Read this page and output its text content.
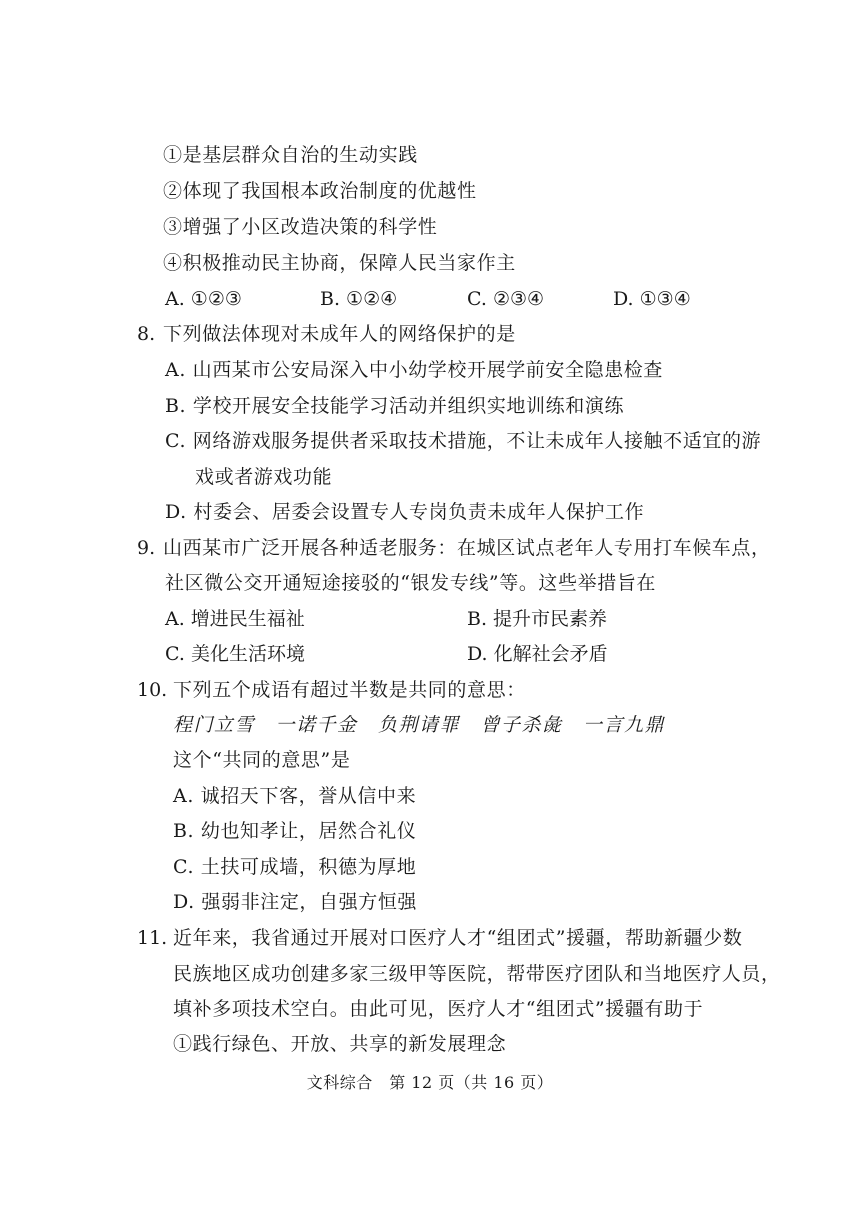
①是基层群众自治的生动实践
②体现了我国根本政治制度的优越性
③增强了小区改造决策的科学性
④积极推动民主协商，保障人民当家作主
A. ①②③	B. ①②④	C. ②③④	D. ①③④
8. 下列做法体现对未成年人的网络保护的是
A. 山西某市公安局深入中小幼学校开展学前安全隐患检查
B. 学校开展安全技能学习活动并组织实地训练和演练
C. 网络游戏服务提供者采取技术措施，不让未成年人接触不适宜的游
戏或者游戏功能
D. 村委会、居委会设置专人专岗负责未成年人保护工作
9. 山西某市广泛开展各种适老服务：在城区试点老年人专用打车候车点，
社区微公交开通短途接驳的“银发专线”等。这些举措旨在
A. 增进民生福祉	B. 提升市民素养
C. 美化生活环境	D. 化解社会矛盾
10. 下列五个成语有超过半数是共同的意思：
程门立雪　一诺千金　负荆请罪　曾子杀彘　一言九鼎
这个“共同的意思”是
A. 诚招天下客，誉从信中来
B. 幼也知孝让，居然合礼仪
C. 土扶可成墙，积德为厚地
D. 强弱非注定，自强方恒强
11. 近年来，我省通过开展对口医疗人才“组团式”援疆，帮助新疆少数
民族地区成功创建多家三级甲等医院，帮带医疗团队和当地医疗人员，
填补多项技术空白。由此可见，医疗人才“组团式”援疆有助于
①践行绿色、开放、共享的新发展理念
文科综合　第 12 页（共 16 页）
